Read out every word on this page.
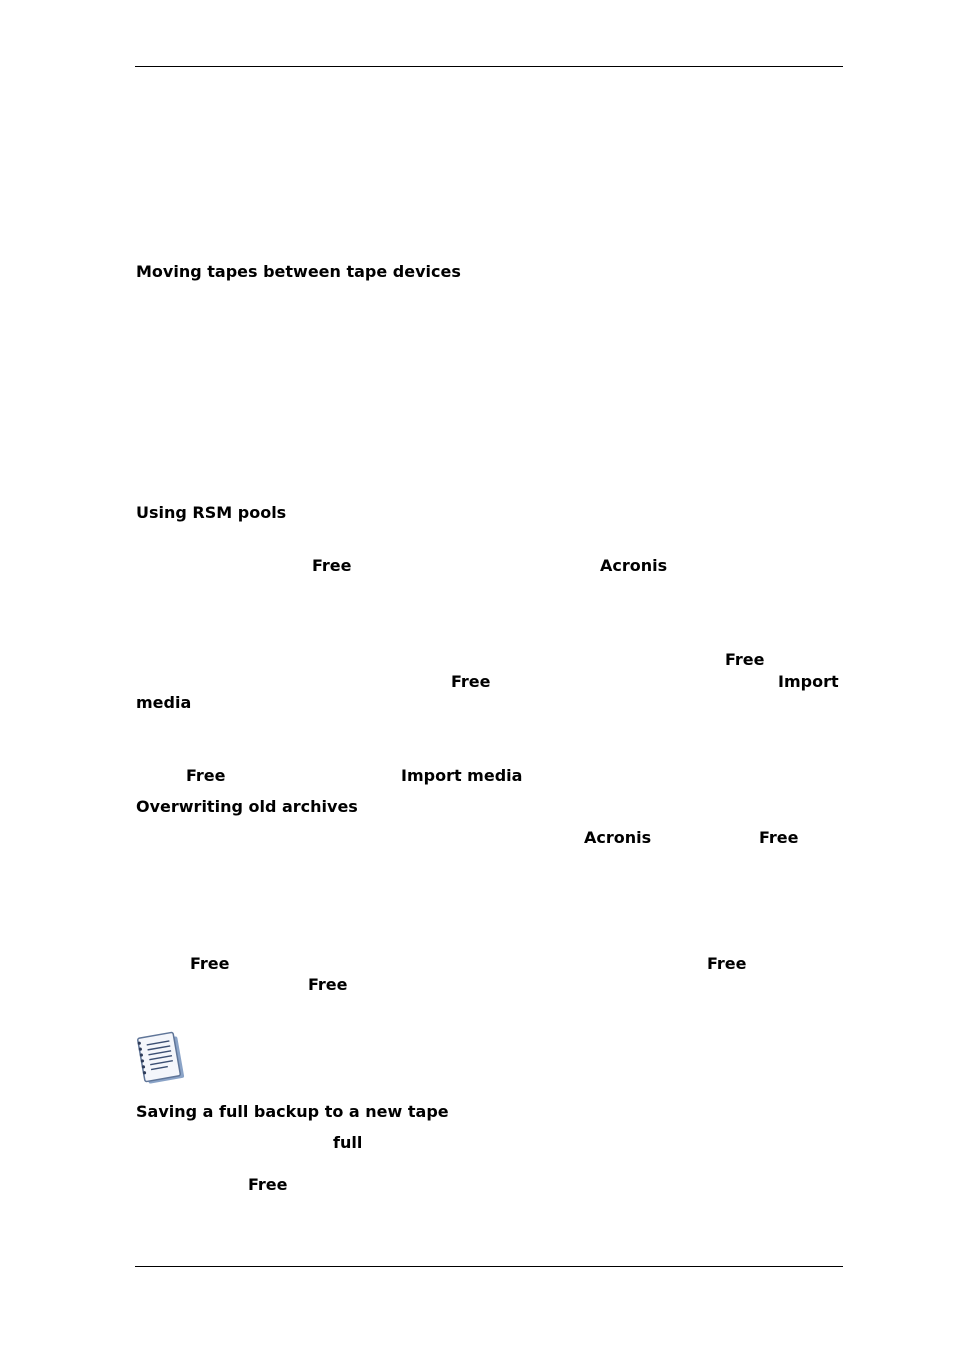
Moving tapes between tape devices

Using RSM pools

Free	Acronis
Free
Free	Import
media
Free	Import media

Overwriting old archives

Acronis	Free
Free	Free
Free

Saving a full backup to a new tape

full
Free
